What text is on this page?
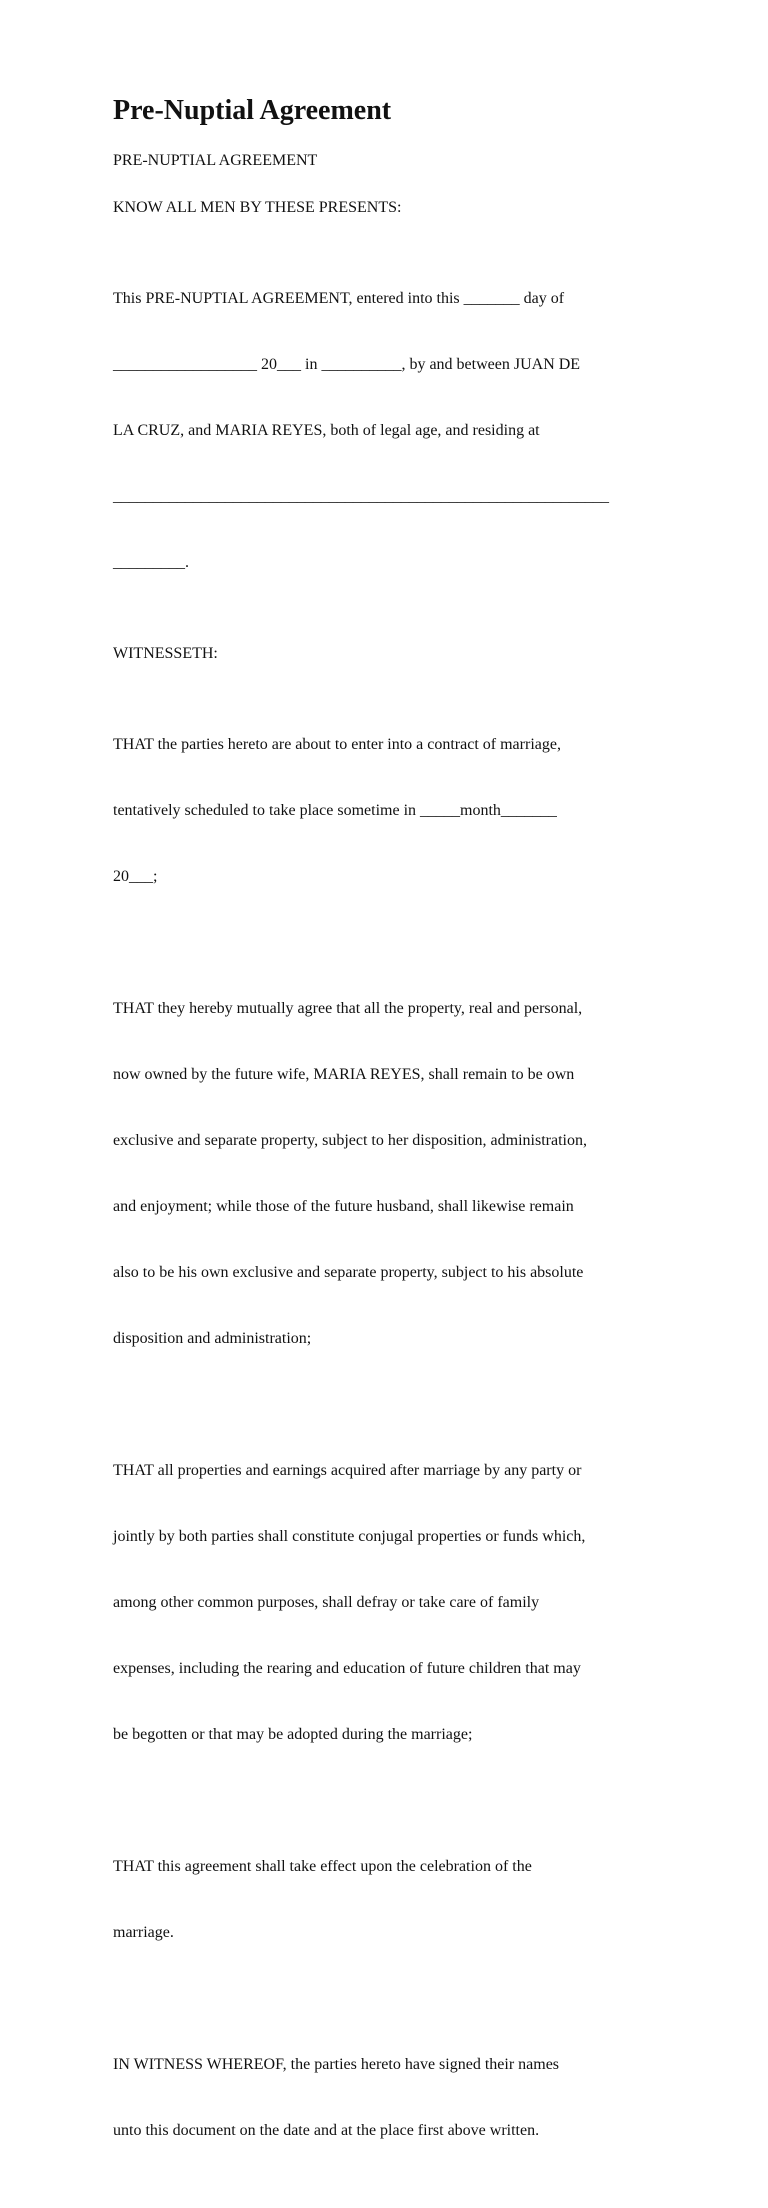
Pre-Nuptial Agreement

PRE-NUPTIAL AGREEMENT

KNOW ALL MEN BY THESE PRESENTS:

This PRE-NUPTIAL AGREEMENT, entered into this _______ day of

__________________ 20___ in __________, by and between JUAN DE

LA CRUZ, and MARIA REYES, both of legal age, and residing at

______________________________________________________________

_________.

WITNESSETH:

THAT the parties hereto are about to enter into a contract of marriage,

tentatively scheduled to take place sometime in _____month_______

20___;

THAT they hereby mutually agree that all the property, real and personal,

now owned by the future wife, MARIA REYES, shall remain to be own

exclusive and separate property, subject to her disposition, administration,

and enjoyment; while those of the future husband, shall likewise remain

also to be his own exclusive and separate property, subject to his absolute

disposition and administration;

THAT all properties and earnings acquired after marriage by any party or

jointly by both parties shall constitute conjugal properties or funds which,

among other common purposes, shall defray or take care of family

expenses, including the rearing and education of future children that may

be begotten or that may be adopted during the marriage;

THAT this agreement shall take effect upon the celebration of the

marriage.

IN WITNESS WHEREOF, the parties hereto have signed their names

unto this document on the date and at the place first above written.
